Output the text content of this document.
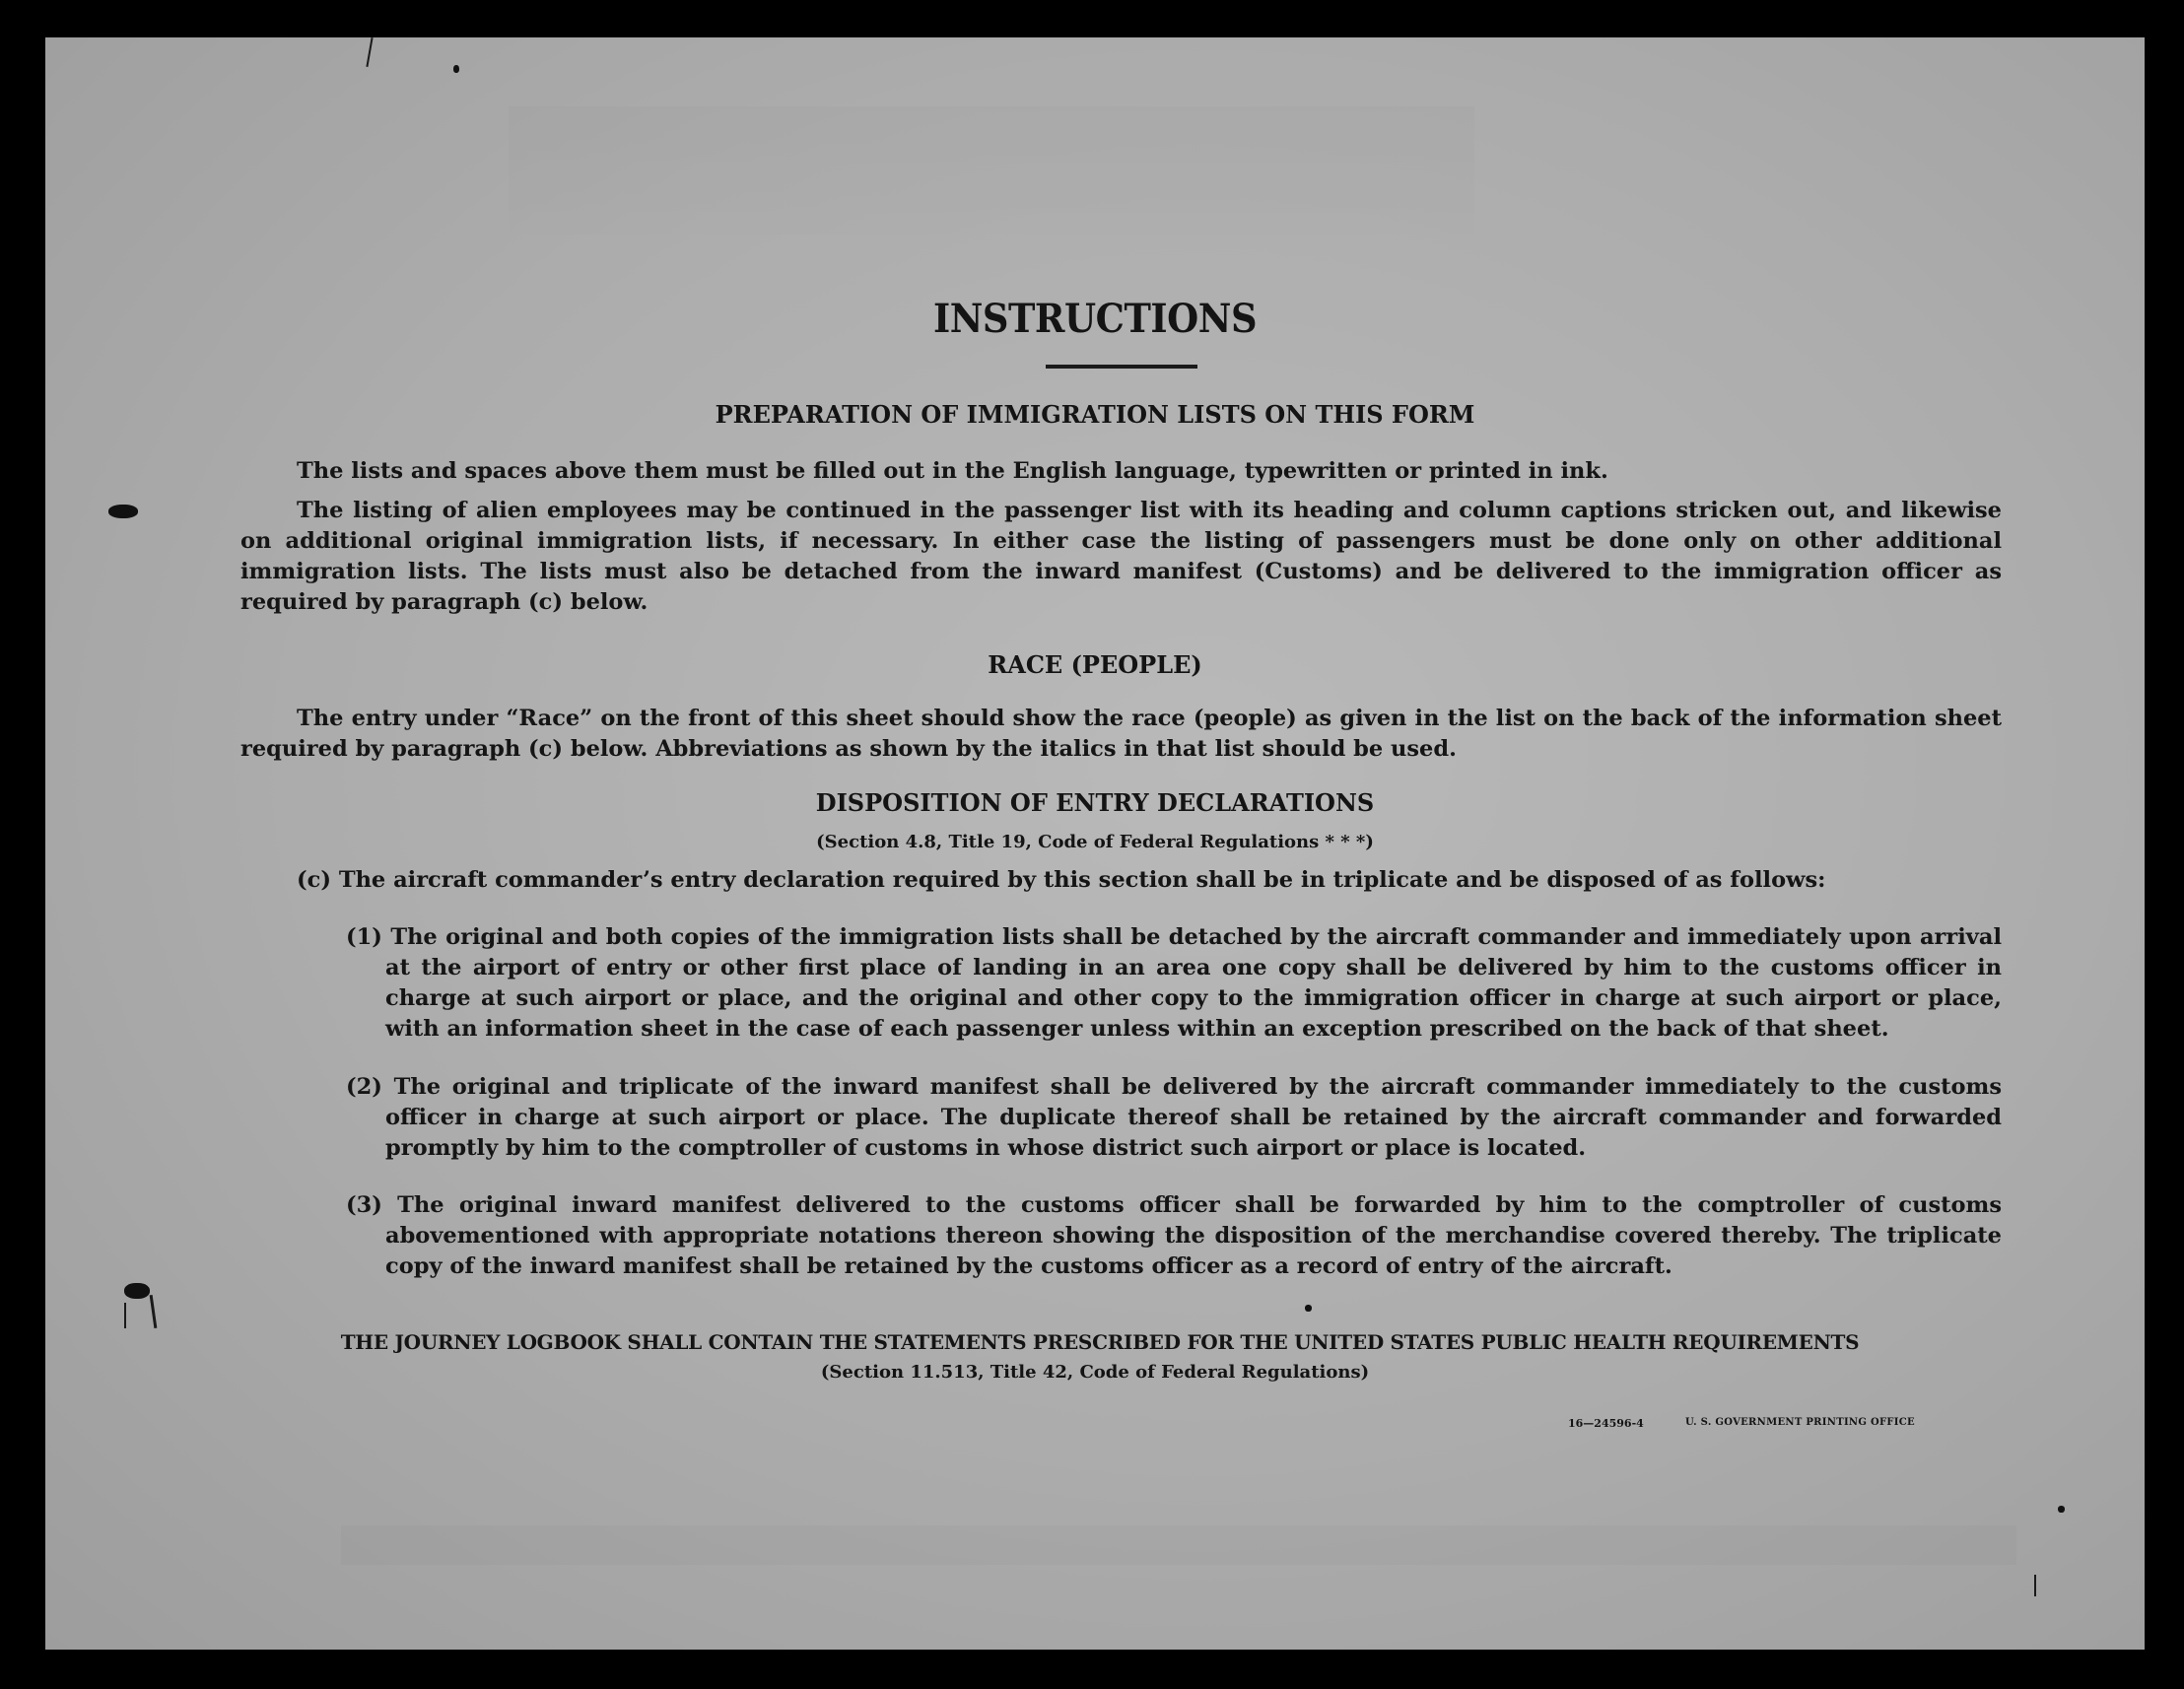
INSTRUCTIONS
PREPARATION OF IMMIGRATION LISTS ON THIS FORM
The lists and spaces above them must be filled out in the English language, typewritten or printed in ink.
The listing of alien employees may be continued in the passenger list with its heading and column captions stricken out, and likewise on additional original immigration lists, if necessary. In either case the listing of passengers must be done only on other additional immigration lists. The lists must also be detached from the inward manifest (Customs) and be delivered to the immigration officer as required by paragraph (c) below.
RACE (PEOPLE)
The entry under “Race” on the front of this sheet should show the race (people) as given in the list on the back of the information sheet required by paragraph (c) below. Abbreviations as shown by the italics in that list should be used.
DISPOSITION OF ENTRY DECLARATIONS
(Section 4.8, Title 19, Code of Federal Regulations * * *)
(c) The aircraft commander’s entry declaration required by this section shall be in triplicate and be disposed of as follows:
(1) The original and both copies of the immigration lists shall be detached by the aircraft commander and immediately upon arrival at the airport of entry or other first place of landing in an area one copy shall be delivered by him to the customs officer in charge at such airport or place, and the original and other copy to the immigration officer in charge at such airport or place, with an information sheet in the case of each passenger unless within an exception prescribed on the back of that sheet.
(2) The original and triplicate of the inward manifest shall be delivered by the aircraft commander immediately to the customs officer in charge at such airport or place. The duplicate thereof shall be retained by the aircraft commander and forwarded promptly by him to the comptroller of customs in whose district such airport or place is located.
(3) The original inward manifest delivered to the customs officer shall be forwarded by him to the comptroller of customs abovementioned with appropriate notations thereon showing the disposition of the merchandise covered thereby. The triplicate copy of the inward manifest shall be retained by the customs officer as a record of entry of the aircraft.
THE JOURNEY LOGBOOK SHALL CONTAIN THE STATEMENTS PRESCRIBED FOR THE UNITED STATES PUBLIC HEALTH REQUIREMENTS
(Section 11.513, Title 42, Code of Federal Regulations)
16—24596-4	U. S. GOVERNMENT PRINTING OFFICE
